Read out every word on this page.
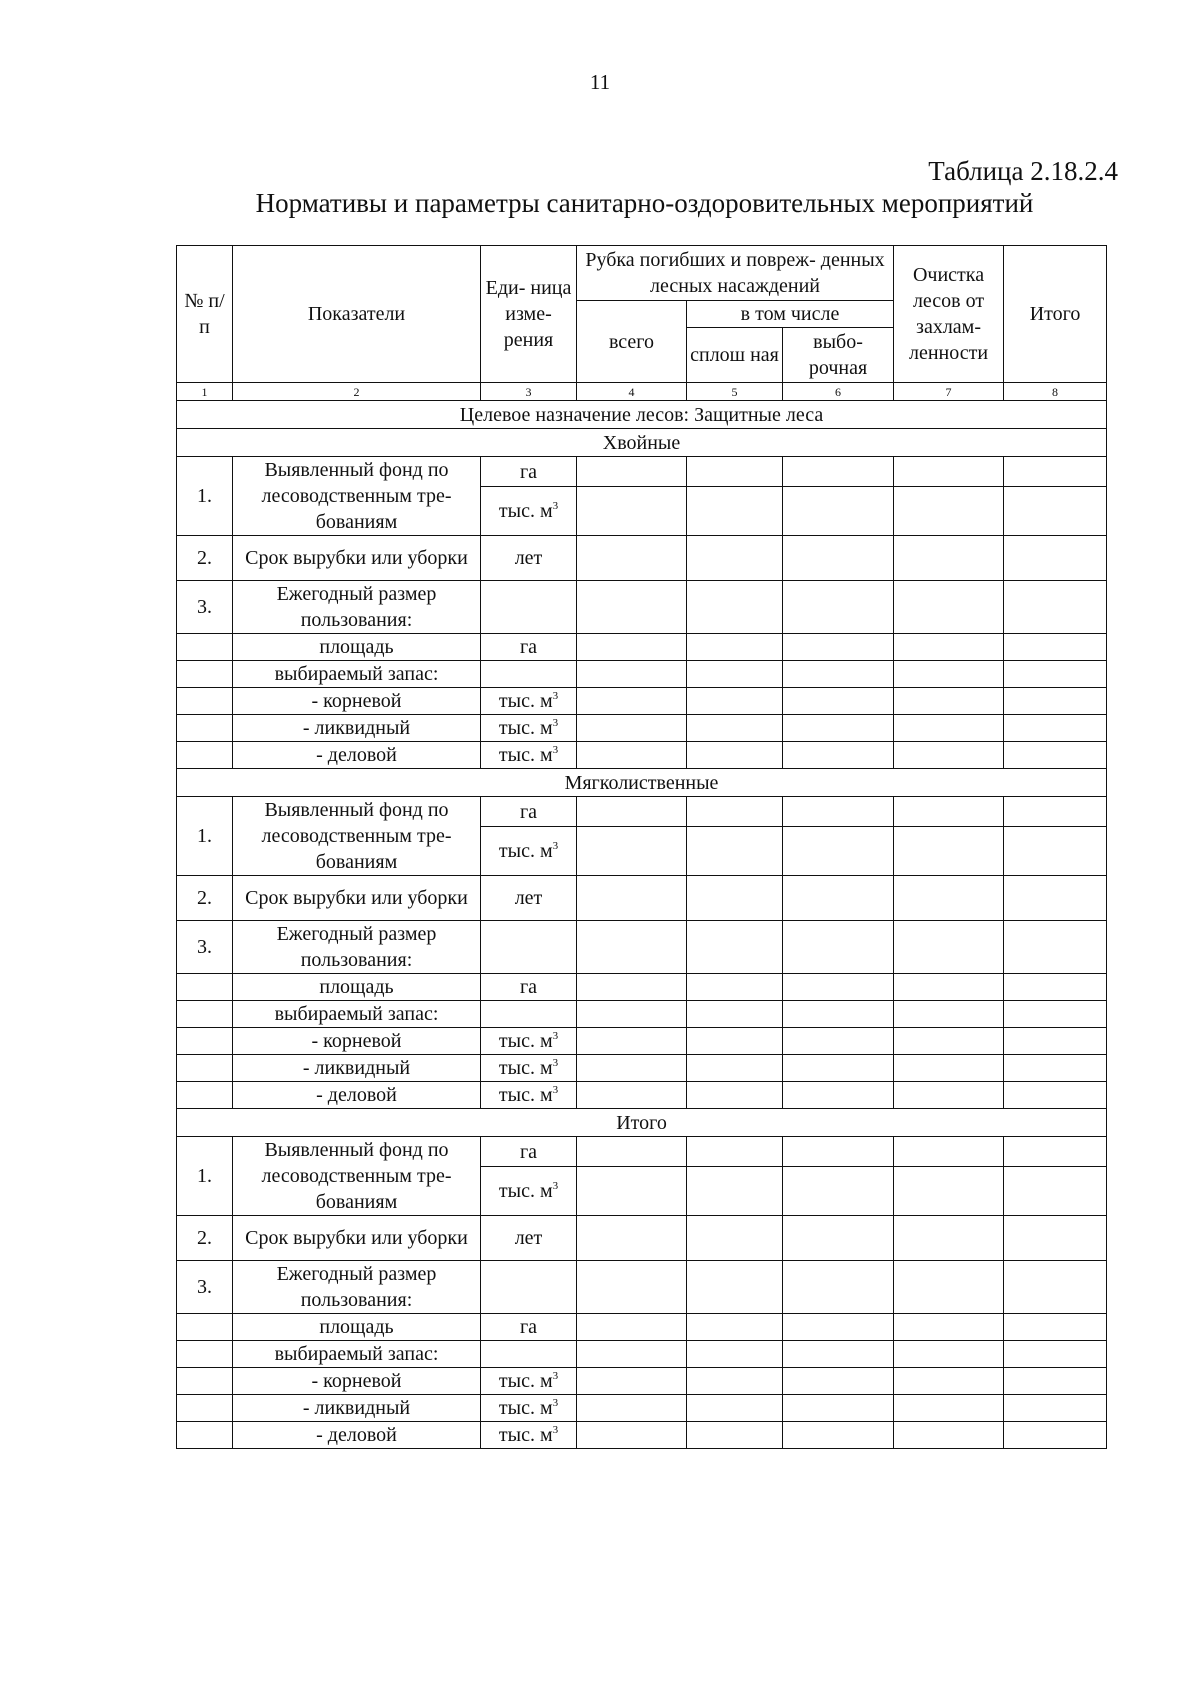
11
Таблица 2.18.2.4
Нормативы и параметры санитарно-оздоровительных мероприятий
№ п/п	Показатели	Еди- ница изме- рения	Рубка погибших и повреж- денных лесных насаждений			Очистка лесов от захлам- ленности	Итого
			всего	в том числе			
				сплош ная	выбо- рочная		
1	2	3	4	5	6	7	8
Целевое назначение лесов: Защитные леса							
Хвойные							
1.	Выявленный фонд по лесоводственным тре- бованиям	га					
		тыс. $м^3$					
2.	Срок вырубки или уборки	лет					
3.	Ежегодный размер пользования:						
	площадь	га					
	выбираемый запас:						
	- корневой	тыс. $м^3$					
	- ликвидный	тыс. $м^3$					
	- деловой	тыс. $м^3$					
Мягколиственные							
1.	Выявленный фонд по лесоводственным тре- бованиям	га					
		тыс. $м^3$					
2.	Срок вырубки или уборки	лет					
3.	Ежегодный размер пользования:						
	площадь	га					
	выбираемый запас:						
	- корневой	тыс. $м^3$					
	- ликвидный	тыс. $м^3$					
	- деловой	тыс. $м^3$					
Итого							
1.	Выявленный фонд по лесоводственным тре- бованиям	га					
		тыс. $м^3$					
2.	Срок вырубки или уборки	лет					
3.	Ежегодный размер пользования:						
	площадь	га					
	выбираемый запас:						
	- корневой	тыс. $м^3$					
	- ликвидный	тыс. $м^3$					
	- деловой	тыс. $м^3$					
